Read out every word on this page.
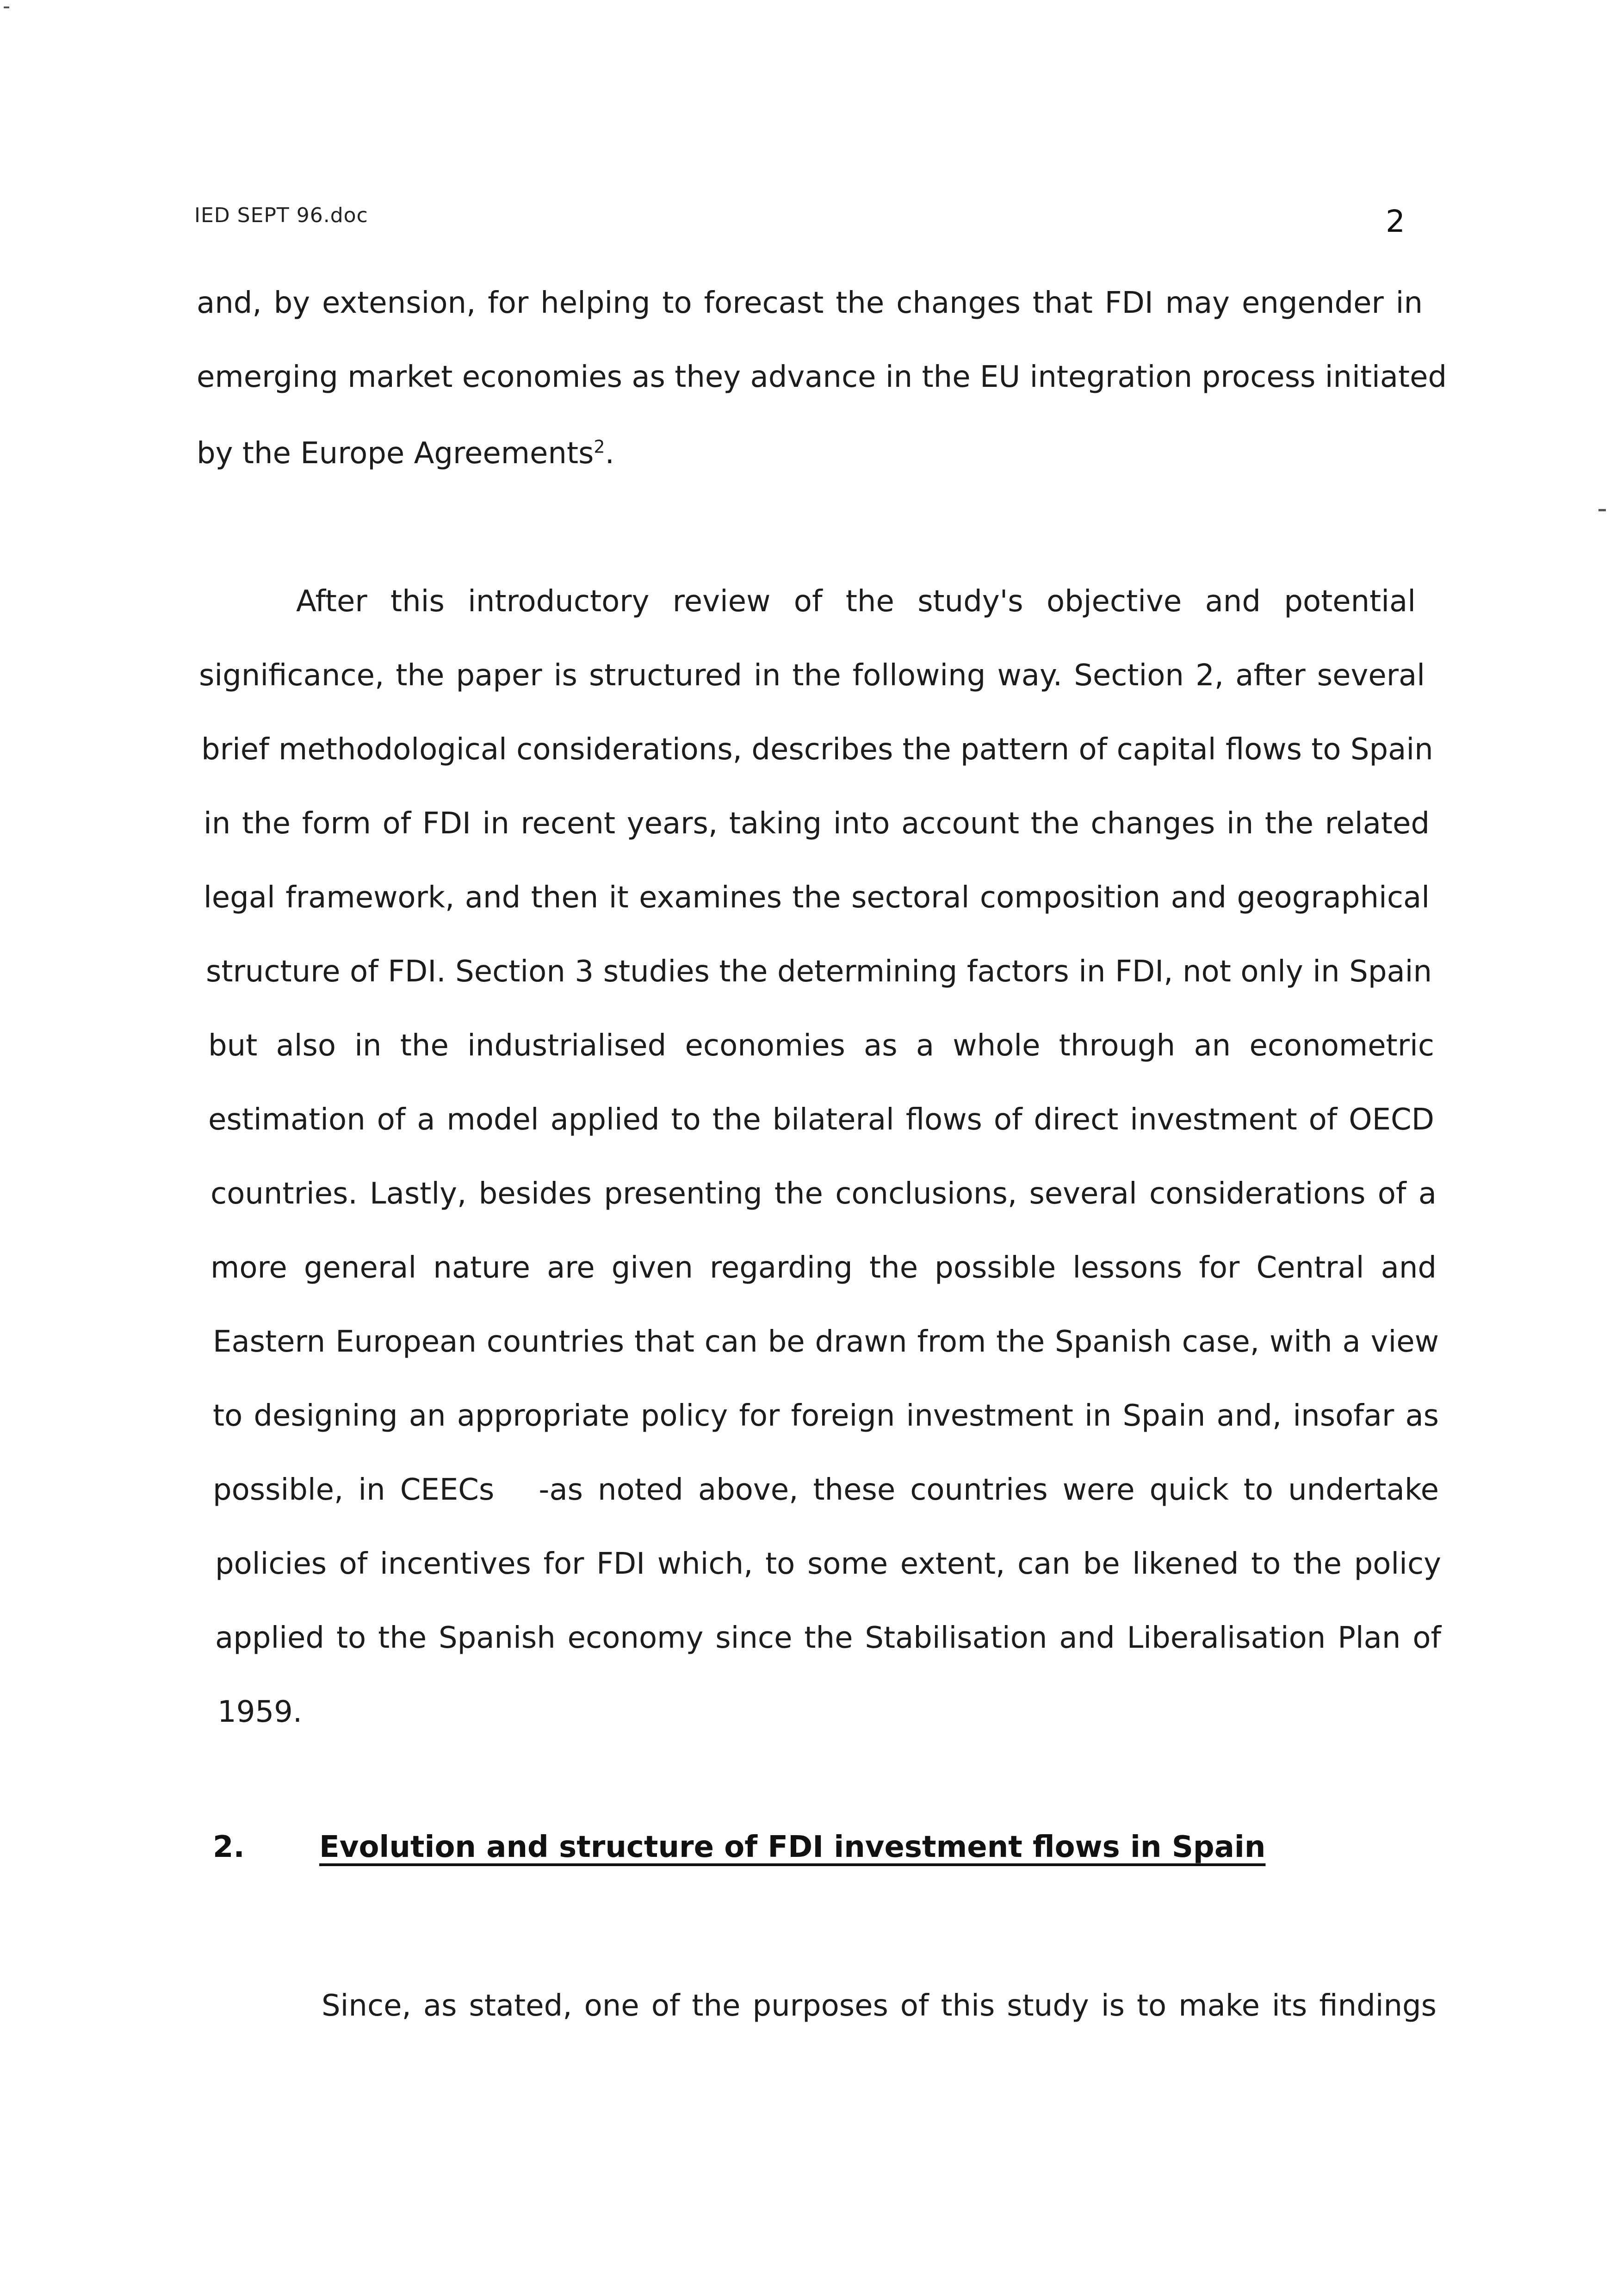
IED SEPT 96.doc	2
and, by extension, for helping to forecast the changes that FDI may engender in
emerging market economies as they advance in the EU integration process initiated
by the Europe Agreements$^2$.
After this introductory review of the study's objective and potential
significance, the paper is structured in the following way. Section 2, after several
brief methodological considerations, describes the pattern of capital flows to Spain
in the form of FDI in recent years, taking into account the changes in the related
legal framework, and then it examines the sectoral composition and geographical
structure of FDI. Section 3 studies the determining factors in FDI, not only in Spain
but also in the industrialised economies as a whole through an econometric
estimation of a model applied to the bilateral flows of direct investment of OECD
countries. Lastly, besides presenting the conclusions, several considerations of a
more general nature are given regarding the possible lessons for Central and
Eastern European countries that can be drawn from the Spanish case, with a view
to designing an appropriate policy for foreign investment in Spain and, insofar as
possible, in CEECs   -as noted above, these countries were quick to undertake
policies of incentives for FDI which, to some extent, can be likened to the policy
applied to the Spanish economy since the Stabilisation and Liberalisation Plan of
1959.
2.	Evolution and structure of FDI investment flows in Spain
Since, as stated, one of the purposes of this study is to make its findings
